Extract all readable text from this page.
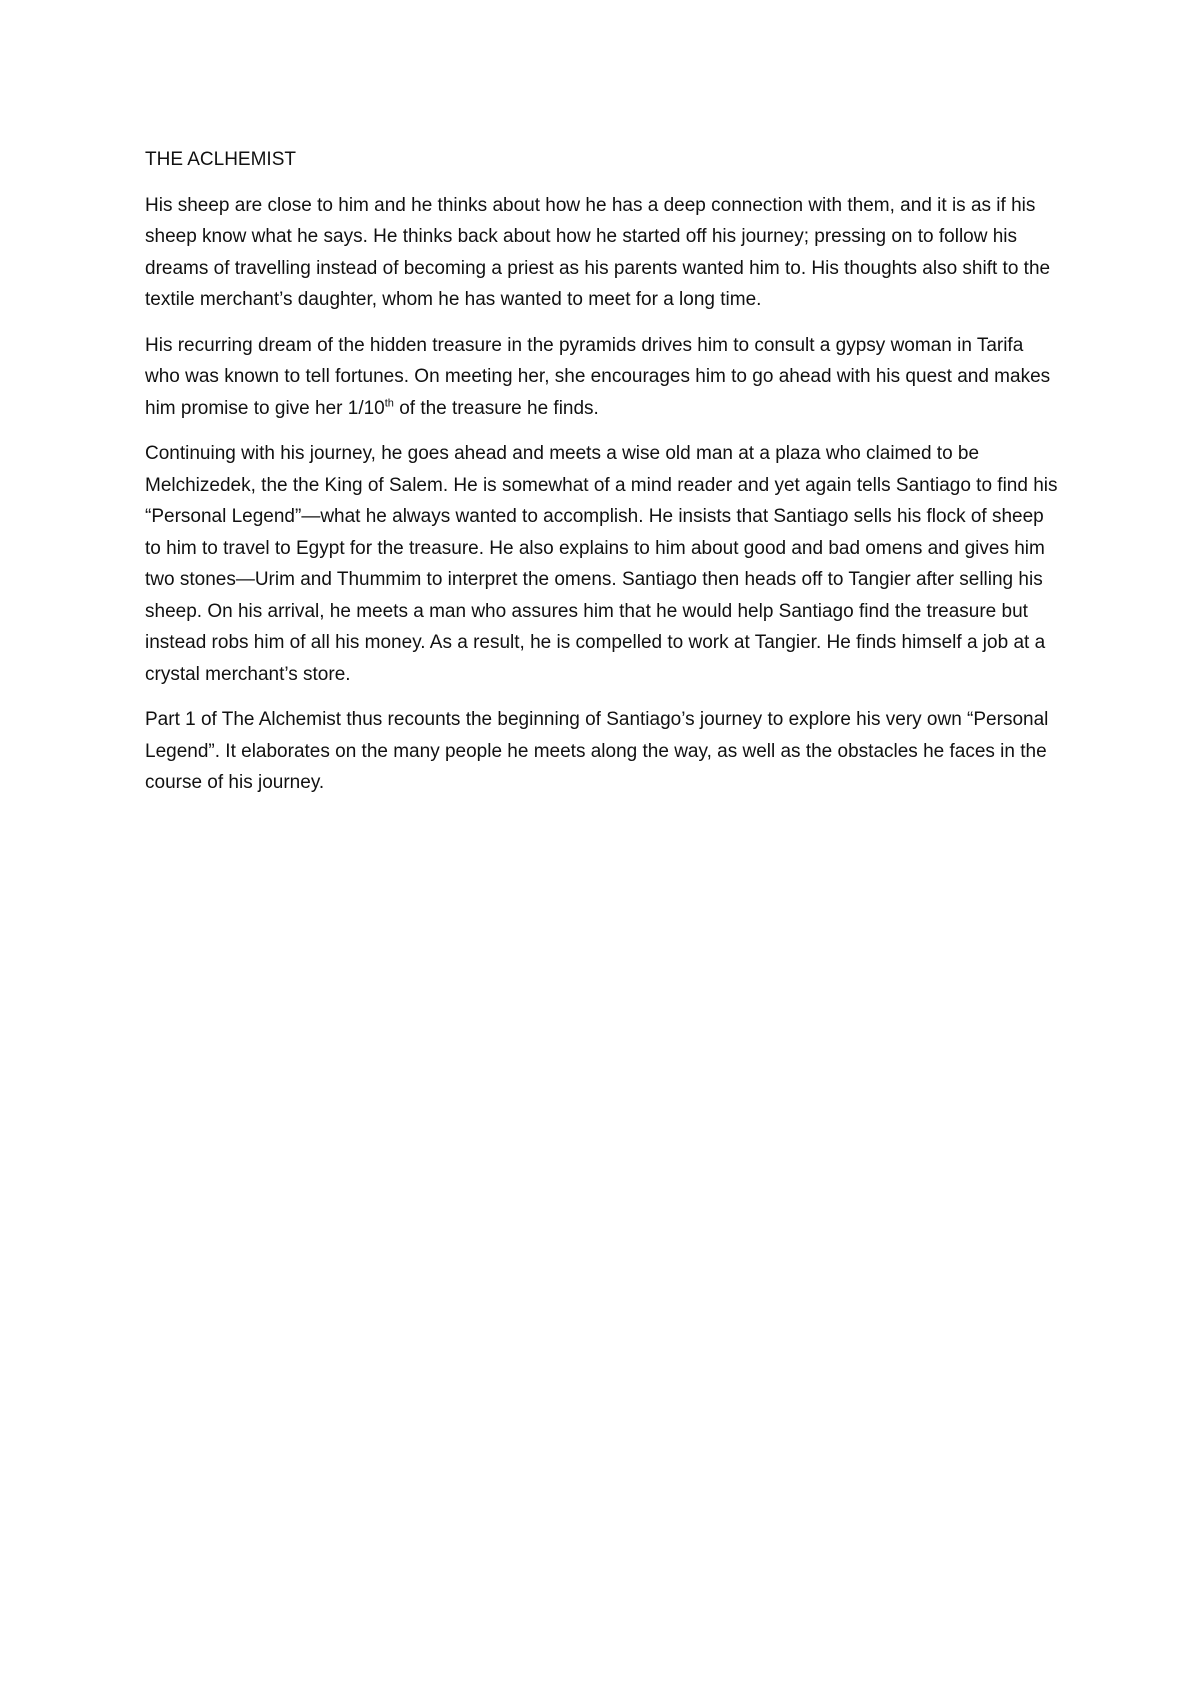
THE ACLHEMIST

His sheep are close to him and he thinks about how he has a deep connection with them, and it is as if his sheep know what he says. He thinks back about how he started off his journey; pressing on to follow his dreams of travelling instead of becoming a priest as his parents wanted him to. His thoughts also shift to the textile merchant’s daughter, whom he has wanted to meet for a long time.

His recurring dream of the hidden treasure in the pyramids drives him to consult a gypsy woman in Tarifa who was known to tell fortunes. On meeting her, she encourages him to go ahead with his quest and makes him promise to give her 1/10th of the treasure he finds.

Continuing with his journey, he goes ahead and meets a wise old man at a plaza who claimed to be Melchizedek, the the King of Salem. He is somewhat of a mind reader and yet again tells Santiago to find his “Personal Legend”—what he always wanted to accomplish. He insists that Santiago sells his flock of sheep to him to travel to Egypt for the treasure. He also explains to him about good and bad omens and gives him two stones—Urim and Thummim to interpret the omens. Santiago then heads off to Tangier after selling his sheep. On his arrival, he meets a man who assures him that he would help Santiago find the treasure but instead robs him of all his money. As a result, he is compelled to work at Tangier. He finds himself a job at a crystal merchant’s store.

Part 1 of The Alchemist thus recounts the beginning of Santiago’s journey to explore his very own “Personal Legend”. It elaborates on the many people he meets along the way, as well as the obstacles he faces in the course of his journey.
